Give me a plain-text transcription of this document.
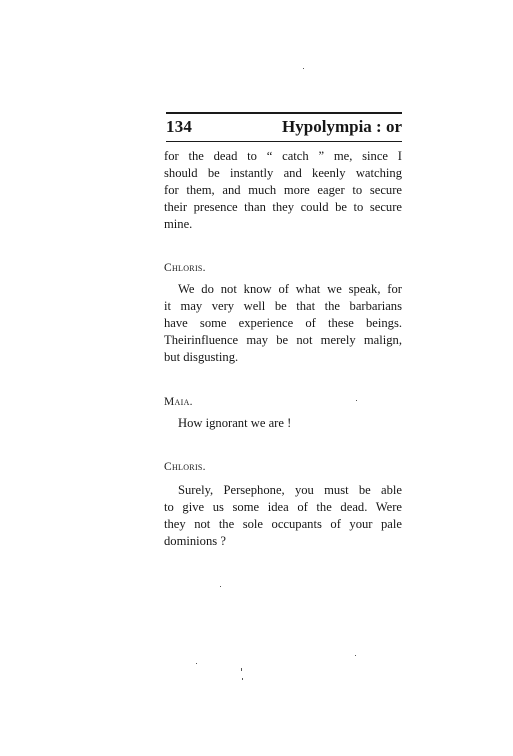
134	Hypolympia : or
for the dead to “ catch ” me, since I
should be instantly and keenly watching
for them, and much more eager to secure
their presence than they could be to secure
mine.
Chloris.
We do not know of what we speak, for
it may very well be that the barbarians
have some experience of these beings.
Theirinfluence may be not merely malign,
but disgusting.
Maia.
How ignorant we are !
Chloris.
Surely, Persephone, you must be able
to give us some idea of the dead. Were
they not the sole occupants of your pale
dominions ?
